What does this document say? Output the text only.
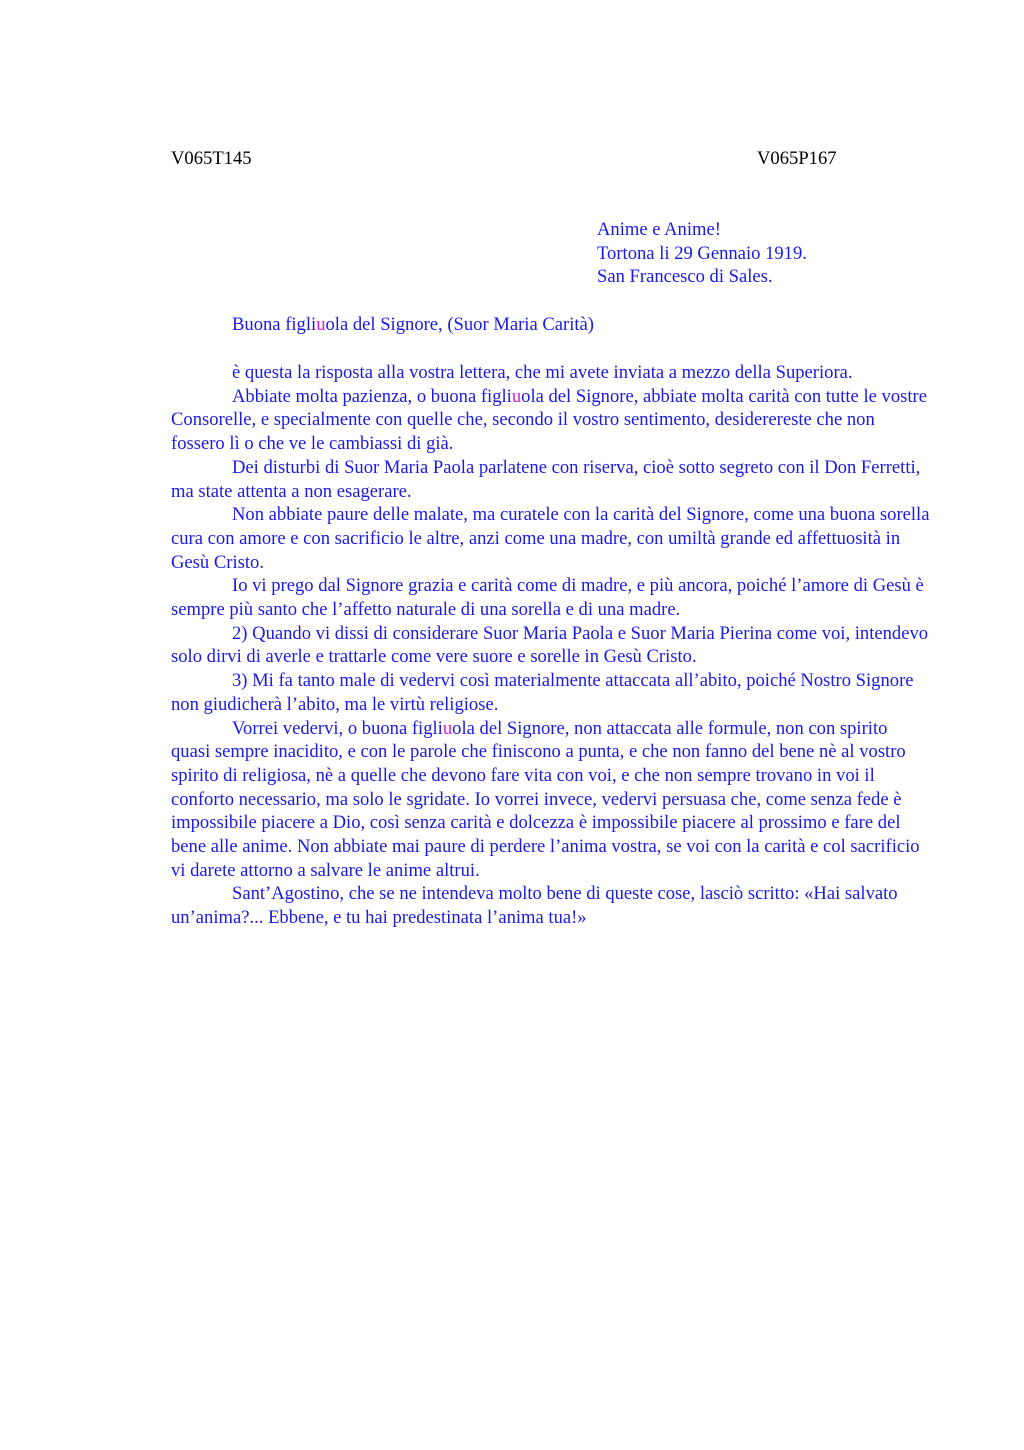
V065T145	V065P167
Anime e Anime!
Tortona li 29 Gennaio 1919.
San Francesco di Sales.
Buona figliuola del Signore, (Suor Maria Carità)

è questa la risposta alla vostra lettera, che mi avete inviata a mezzo della Superiora.

Abbiate molta pazienza, o buona figliuola del Signore, abbiate molta carità con tutte le vostre Consorelle, e specialmente con quelle che, secondo il vostro sentimento, desiderereste che non fossero lì o che ve le cambiassi di già.

Dei disturbi di Suor Maria Paola parlatene con riserva, cioè sotto segreto con il Don Ferretti, ma state attenta a non esagerare.

Non abbiate paure delle malate, ma curatele con la carità del Signore, come una buona sorella cura con amore e con sacrificio le altre, anzi come una madre, con umiltà grande ed affettuosità in Gesù Cristo.

Io vi prego dal Signore grazia e carità come di madre, e più ancora, poiché l’amore di Gesù è sempre più santo che l’affetto naturale di una sorella e di una madre.

2) Quando vi dissi di considerare Suor Maria Paola e Suor Maria Pierina come voi, intendevo solo dirvi di averle e trattarle come vere suore e sorelle in Gesù Cristo.

3) Mi fa tanto male di vedervi così materialmente attaccata all’abito, poiché Nostro Signore non giudicherà l’abito, ma le virtù religiose.

Vorrei vedervi, o buona figliuola del Signore, non attaccata alle formule, non con spirito quasi sempre inacidito, e con le parole che finiscono a punta, e che non fanno del bene nè al vostro spirito di religiosa, nè a quelle che devono fare vita con voi, e che non sempre trovano in voi il conforto necessario, ma solo le sgridate. Io vorrei invece, vedervi persuasa che, come senza fede è impossibile piacere a Dio, così senza carità e dolcezza è impossibile piacere al prossimo e fare del bene alle anime. Non abbiate mai paure di perdere l’anima vostra, se voi con la carità e col sacrificio vi darete attorno a salvare le anime altrui.

Sant’Agostino, che se ne intendeva molto bene di queste cose, lasciò scritto: «Hai salvato un’anima?... Ebbene, e tu hai predestinata l’anima tua!»
